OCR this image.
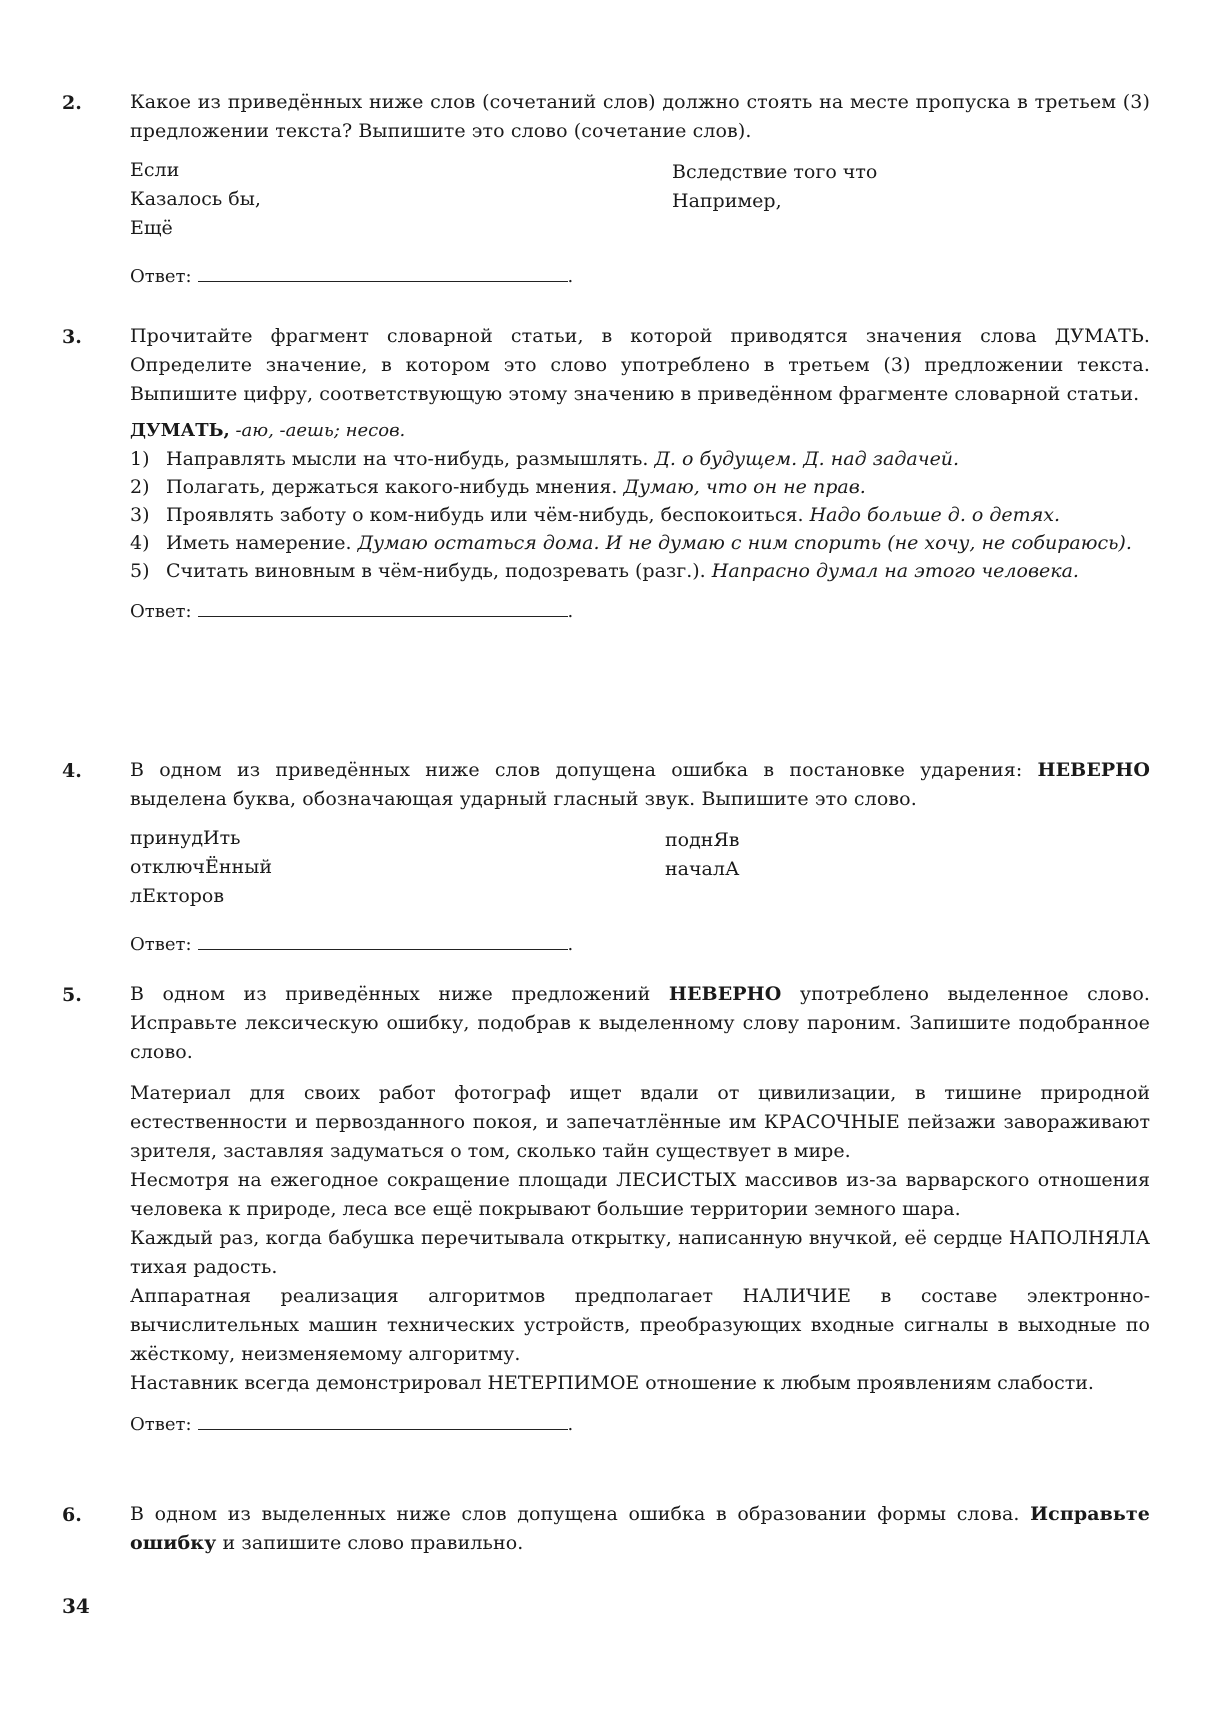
2.	Какое из приведённых ниже слов (сочетаний слов) должно стоять на месте пропуска в третьем (3) предложении текста? Выпишите это слово (сочетание слов).

Если
Казалось бы,
Ещё
Вследствие того что
Например,
Ответ:	.
3.	Прочитайте фрагмент словарной статьи, в которой приводятся значения слова ДУМАТЬ. Определите значение, в котором это слово употреблено в третьем (3) предложении текста. Выпишите цифру, соответствующую этому значению в приведённом фрагменте словарной статьи.

ДУМАТЬ, -аю, -аешь; несов.
1) Направлять мысли на что-нибудь, размышлять. Д. о будущем. Д. над задачей.
2) Полагать, держаться какого-нибудь мнения. Думаю, что он не прав.
3) Проявлять заботу о ком-нибудь или чём-нибудь, беспокоиться. Надо больше д. о детях.
4) Иметь намерение. Думаю остаться дома. И не думаю с ним спорить (не хочу, не собираюсь).
5) Считать виновным в чём-нибудь, подозревать (разг.). Напрасно думал на этого человека.
Ответ:	.
4.	В одном из приведённых ниже слов допущена ошибка в постановке ударения: НЕВЕРНО выделена буква, обозначающая ударный гласный звук. Выпишите это слово.

принудИть
отключЁнный
лЕкторов
поднЯв
началА
Ответ:	.
5.	В одном из приведённых ниже предложений НЕВЕРНО употреблено выделенное слово. Исправьте лексическую ошибку, подобрав к выделенному слову пароним. Запишите подобранное слово.

Материал для своих работ фотограф ищет вдали от цивилизации, в тишине природной естественности и первозданного покоя, и запечатлённые им КРАСОЧНЫЕ пейзажи завораживают зрителя, заставляя задуматься о том, сколько тайн существует в мире.

Несмотря на ежегодное сокращение площади ЛЕСИСТЫХ массивов из-за варварского отношения человека к природе, леса все ещё покрывают большие территории земного шара.

Каждый раз, когда бабушка перечитывала открытку, написанную внучкой, её сердце НАПОЛНЯЛА тихая радость.

Аппаратная реализация алгоритмов предполагает НАЛИЧИЕ в составе электронно-вычислительных машин технических устройств, преобразующих входные сигналы в выходные по жёсткому, неизменяемому алгоритму.

Наставник всегда демонстрировал НЕТЕРПИМОЕ отношение к любым проявлениям слабости.

Ответ:	.
6.	В одном из выделенных ниже слов допущена ошибка в образовании формы слова. Исправьте ошибку и запишите слово правильно.

34
